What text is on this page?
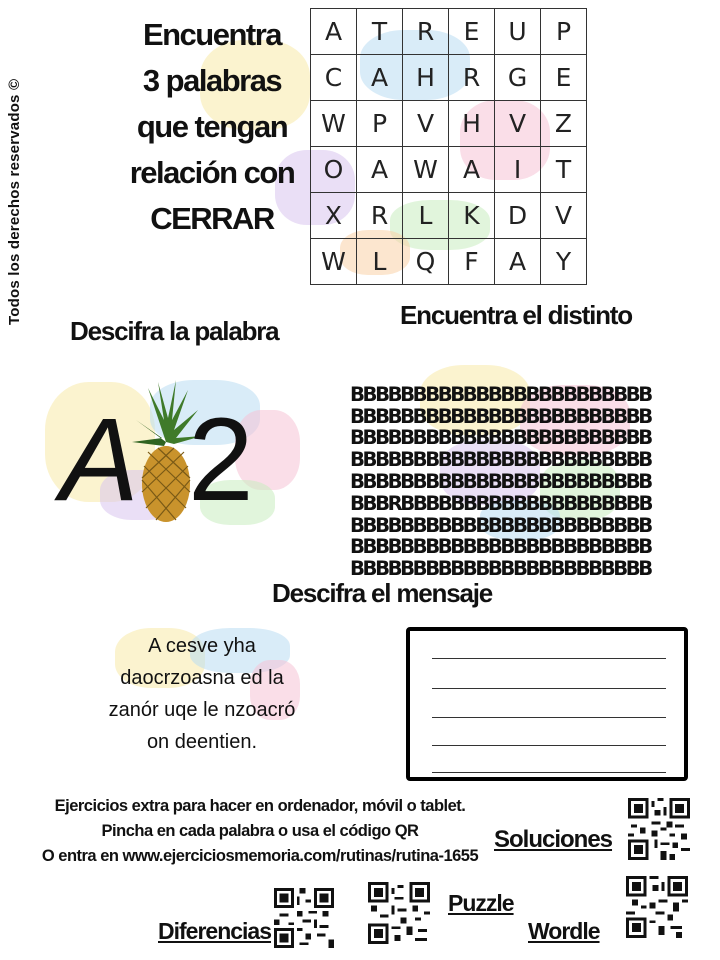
Todos los derechos reservados ©
Encuentra
3 palabras
que tengan
relación con
CERRAR
A	T	R	E	U	P
C	A	H	R	G	E
W	P	V	H	V	Z
O	A	W	A	I	T
X	R	L	K	D	V
W	L	Q	F	A	Y
Descifra la palabra
Encuentra el distinto
A 2	BBBBBBBBBBBBBBBBBBBBBBBB
BBBBBBBBBBBBBBBBBBBBBBBB
BBBBBBBBBBBBBBBBBBBBBBBB
BBBBBBBBBBBBBBBBBBBBBBBB
BBBBBBBBBBBBBBBBBBBBBBBB
BBBRBBBBBBBBBBBBBBBBBBBB
BBBBBBBBBBBBBBBBBBBBBBBB
BBBBBBBBBBBBBBBBBBBBBBBB
BBBBBBBBBBBBBBBBBBBBBBBB

Descifra el mensaje
A cesve yha
daocrzoasna ed la
zanór uqe le nzoacró
on deentien.
Ejercicios extra para hacer en ordenador, móvil o tablet.
Pincha en cada palabra o usa el código QR
O entra en www.ejerciciosmemoria.com/rutinas/rutina-1655
Soluciones
Diferencias
Puzzle
Wordle
